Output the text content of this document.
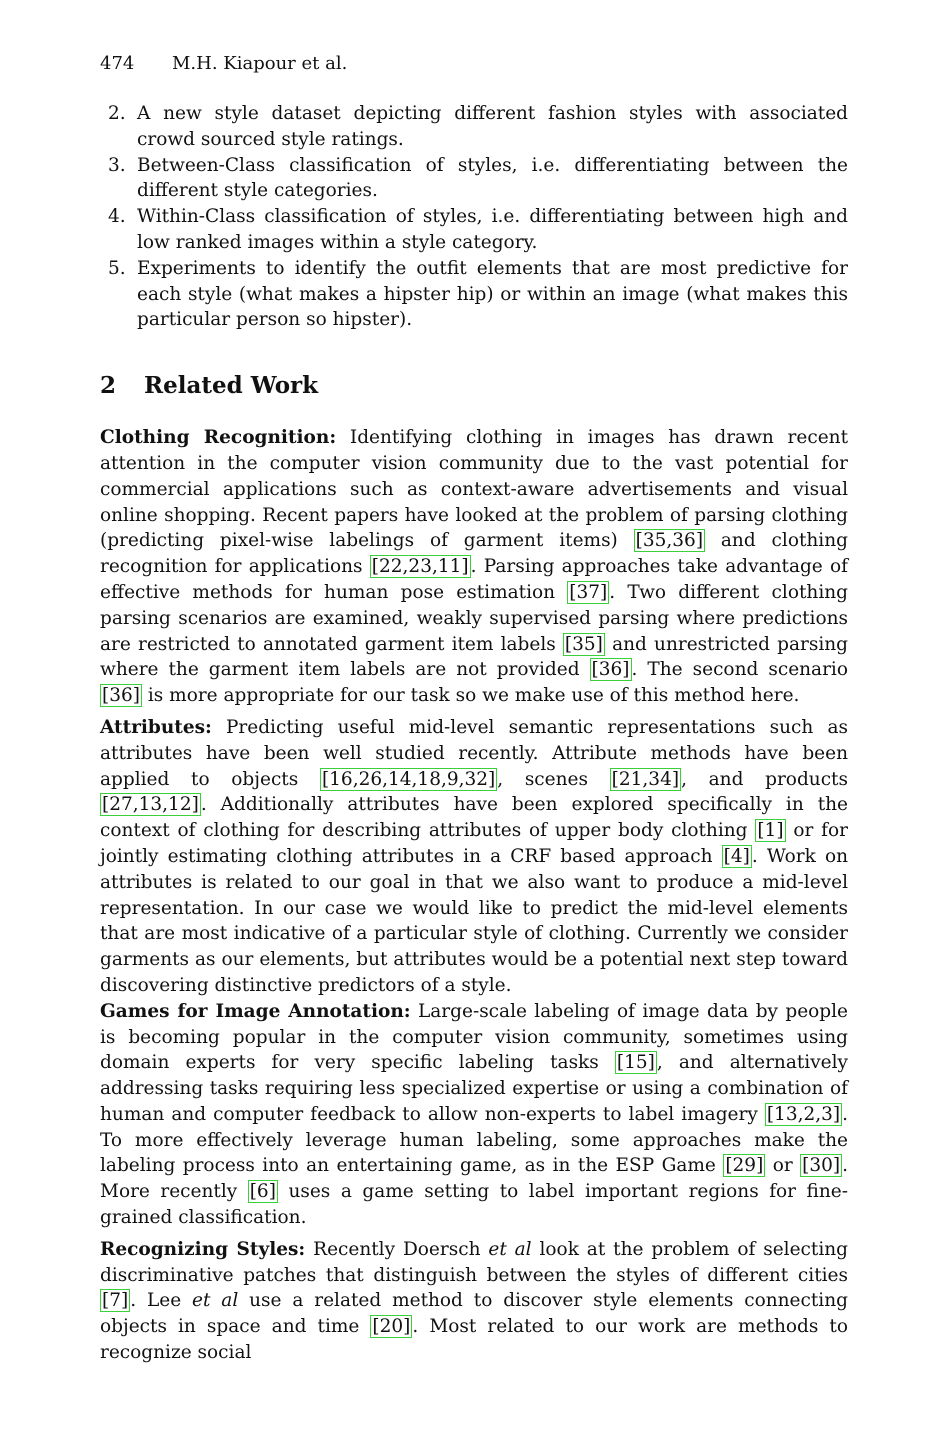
474 M.H. Kiapour et al.
2. A new style dataset depicting different fashion styles with associated crowd sourced style ratings.
3. Between-Class classification of styles, i.e. differentiating between the different style categories.
4. Within-Class classification of styles, i.e. differentiating between high and low ranked images within a style category.
5. Experiments to identify the outfit elements that are most predictive for each style (what makes a hipster hip) or within an image (what makes this particular person so hipster).
2 Related Work

Clothing Recognition: Identifying clothing in images has drawn recent attention in the computer vision community due to the vast potential for commercial applications such as context-aware advertisements and visual online shopping. Recent papers have looked at the problem of parsing clothing (predicting pixel-wise labelings of garment items) [35,36] and clothing recognition for applications [22,23,11] . Parsing approaches take advantage of effective methods for human pose estimation [37] . Two different clothing parsing scenarios are examined, weakly supervised parsing where predictions are restricted to annotated garment item labels [35] and unrestricted parsing where the garment item labels are not provided [36] . The second scenario [36] is more appropriate for our task so we make use of this method here.

Attributes: Predicting useful mid-level semantic representations such as attributes have been well studied recently. Attribute methods have been applied to objects [16,26,14,18,9,32] , scenes [21,34] , and products [27,13,12] . Additionally attributes have been explored specifically in the context of clothing for describing attributes of upper body clothing [1] or for jointly estimating clothing attributes in a CRF based approach [4] . Work on attributes is related to our goal in that we also want to produce a mid-level representation. In our case we would like to predict the mid-level elements that are most indicative of a particular style of clothing. Currently we consider garments as our elements, but attributes would be a potential next step toward discovering distinctive predictors of a style.

Games for Image Annotation: Large-scale labeling of image data by people is becoming popular in the computer vision community, sometimes using domain experts for very specific labeling tasks [15] , and alternatively addressing tasks requiring less specialized expertise or using a combination of human and computer feedback to allow non-experts to label imagery [13,2,3] . To more effectively leverage human labeling, some approaches make the labeling process into an entertaining game, as in the ESP Game [29] or [30] . More recently [6] uses a game setting to label important regions for fine-grained classification.

Recognizing Styles: Recently Doersch et al look at the problem of selecting discriminative patches that distinguish between the styles of different cities [7] . Lee et al use a related method to discover style elements connecting objects in space and time [20] . Most related to our work are methods to recognize social
